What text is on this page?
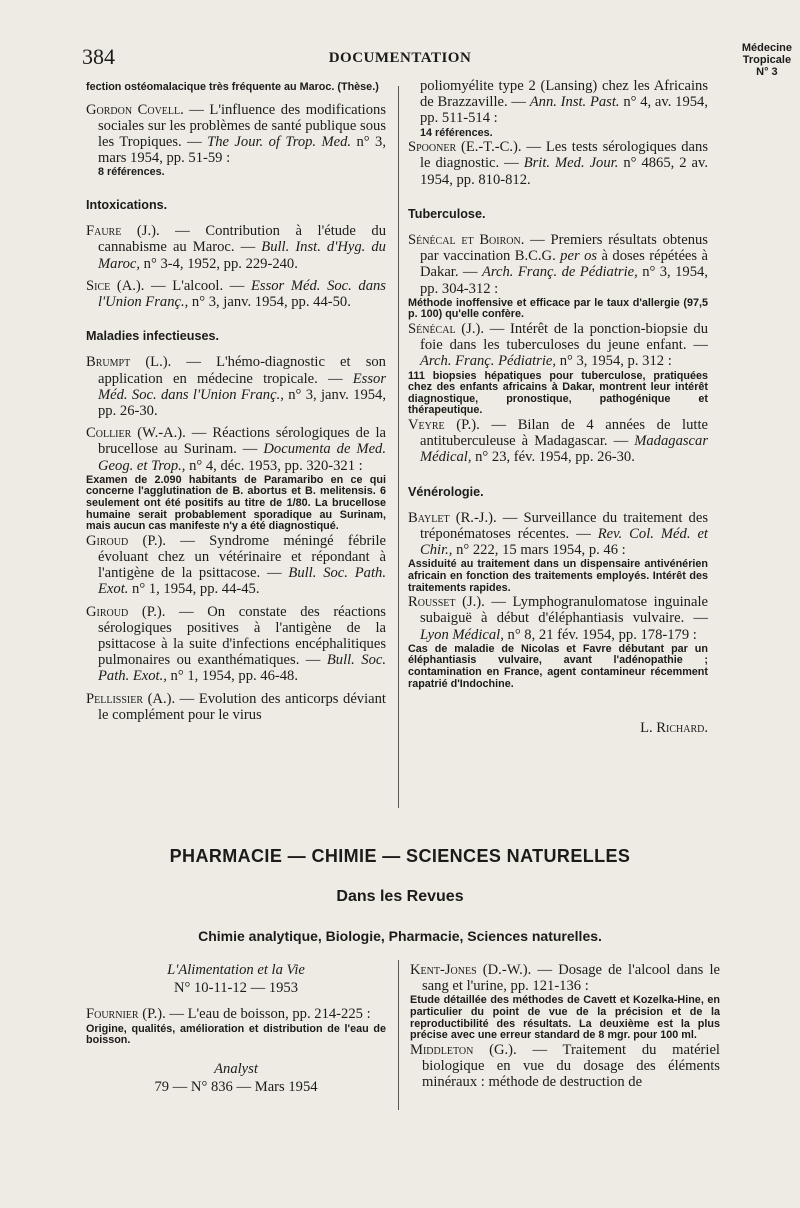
384	DOCUMENTATION
Médecine
Tropicale
N° 3

fection ostéomalacique très fréquente au Maroc. (Thèse.)

Gordon Covell. — L'influence des modifications sociales sur les problèmes de santé publique sous les Tropiques. — The Jour. of Trop. Med. n° 3, mars 1954, pp. 51-59 :

8 références.

Intoxications.

Faure (J.). — Contribution à l'étude du cannabisme au Maroc. — Bull. Inst. d'Hyg. du Maroc, n° 3-4, 1952, pp. 229-240.

Sice (A.). — L'alcool. — Essor Méd. Soc. dans l'Union Franç., n° 3, janv. 1954, pp. 44-50.

Maladies infectieuses.

Brumpt (L.). — L'hémo-diagnostic et son application en médecine tropicale. — Essor Méd. Soc. dans l'Union Franç., n° 3, janv. 1954, pp. 26-30.

Collier (W.-A.). — Réactions sérologiques de la brucellose au Surinam. — Documenta de Med. Geog. et Trop., n° 4, déc. 1953, pp. 320-321 :

Examen de 2.090 habitants de Paramaribo en ce qui concerne l'agglutination de B. abortus et B. melitensis. 6 seulement ont été positifs au titre de 1/80. La brucellose humaine serait probablement sporadique au Surinam, mais aucun cas manifeste n'y a été diagnostiqué.

Giroud (P.). — Syndrome méningé fébrile évoluant chez un vétérinaire et répondant à l'antigène de la psittacose. — Bull. Soc. Path. Exot. n° 1, 1954, pp. 44-45.

Giroud (P.). — On constate des réactions sérologiques positives à l'antigène de la psittacose à la suite d'infections encéphalitiques pulmonaires ou exanthématiques. — Bull. Soc. Path. Exot., n° 1, 1954, pp. 46-48.

Pellissier (A.). — Evolution des anticorps déviant le complément pour le virus

poliomyélite type 2 (Lansing) chez les Africains de Brazzaville. — Ann. Inst. Past. n° 4, av. 1954, pp. 511-514 :

14 références.

Spooner (E.-T.-C.). — Les tests sérologiques dans le diagnostic. — Brit. Med. Jour. n° 4865, 2 av. 1954, pp. 810-812.

Tuberculose.

Sénécal et Boiron. — Premiers résultats obtenus par vaccination B.C.G. per os à doses répétées à Dakar. — Arch. Franç. de Pédiatrie, n° 3, 1954, pp. 304-312 :

Méthode inoffensive et efficace par le taux d'allergie (97,5 p. 100) qu'elle confère.

Sénécal (J.). — Intérêt de la ponction-biopsie du foie dans les tuberculoses du jeune enfant. — Arch. Franç. Pédiatrie, n° 3, 1954, p. 312 :

111 biopsies hépatiques pour tuberculose, pratiquées chez des enfants africains à Dakar, montrent leur intérêt diagnostique, pronostique, pathogénique et thérapeutique.

Veyre (P.). — Bilan de 4 années de lutte antituberculeuse à Madagascar. — Madagascar Médical, n° 23, fév. 1954, pp. 26-30.

Vénérologie.

Baylet (R.-J.). — Surveillance du traitement des tréponématoses récentes. — Rev. Col. Méd. et Chir., n° 222, 15 mars 1954, p. 46 :

Assiduité au traitement dans un dispensaire antivénérien africain en fonction des traitements employés. Intérêt des traitements rapides.

Rousset (J.). — Lymphogranulomatose inguinale subaiguë à début d'éléphantiasis vulvaire. — Lyon Médical, n° 8, 21 fév. 1954, pp. 178-179 :

Cas de maladie de Nicolas et Favre débutant par un éléphantiasis vulvaire, avant l'adénopathie ; contamination en France, agent contamineur récemment rapatrié d'Indochine.

L. Richard.
PHARMACIE — CHIMIE — SCIENCES NATURELLES
Dans les Revues
Chimie analytique, Biologie, Pharmacie, Sciences naturelles.
L'Alimentation et la Vie
N° 10-11-12 — 1953

Fournier (P.). — L'eau de boisson, pp. 214-225 :

Origine, qualités, amélioration et distribution de l'eau de boisson.

Analyst
79 — N° 836 — Mars 1954

Kent-Jones (D.-W.). — Dosage de l'alcool dans le sang et l'urine, pp. 121-136 :

Etude détaillée des méthodes de Cavett et Kozelka-Hine, en particulier du point de vue de la précision et de la reproductibilité des résultats. La deuxième est la plus précise avec une erreur standard de 8 mgr. pour 100 ml.

Middleton (G.). — Traitement du matériel biologique en vue du dosage des éléments minéraux : méthode de destruction de
